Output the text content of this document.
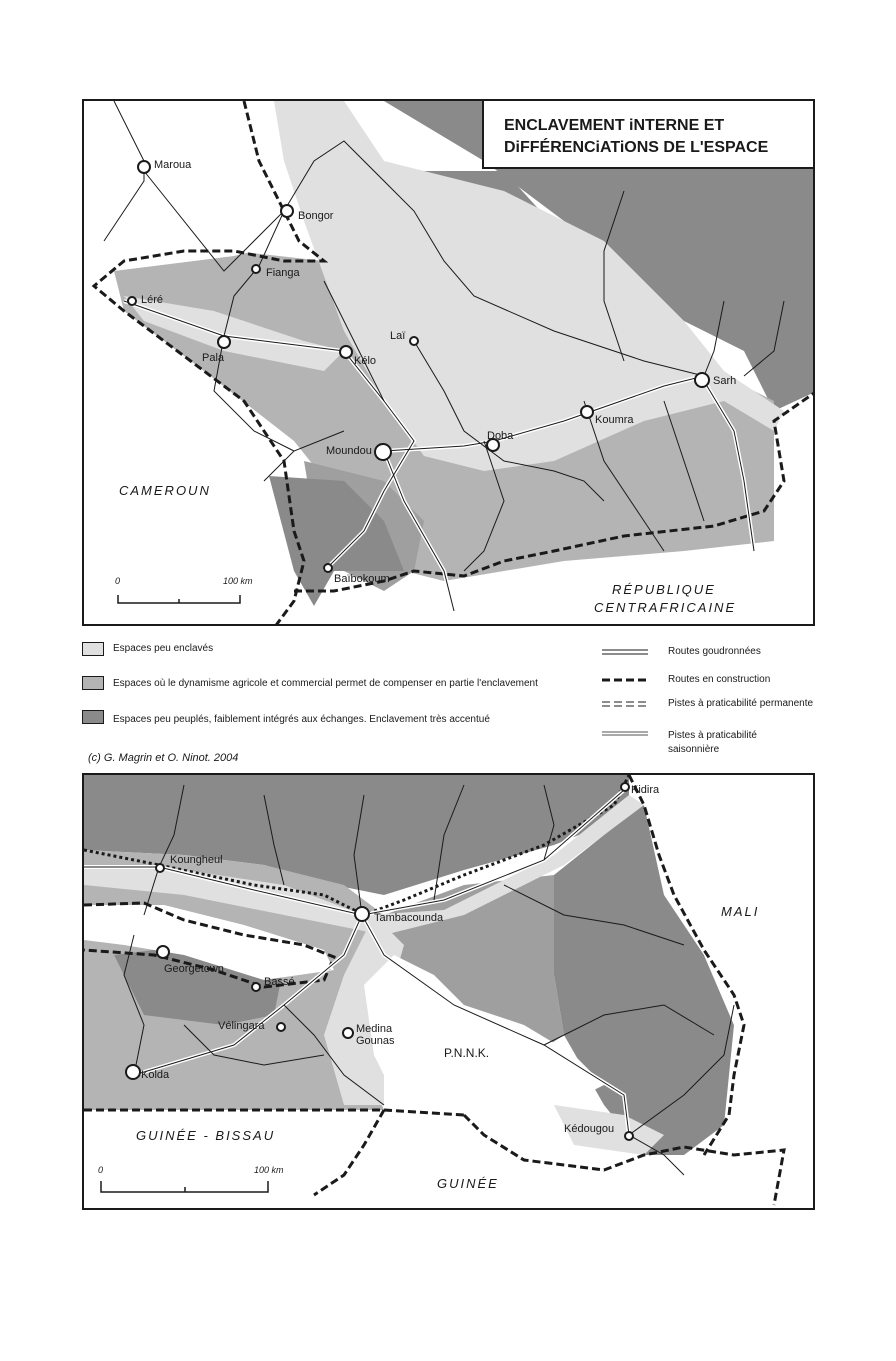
Maroua
Bongor
Fianga
Léré
Pala	Kélo
Laï
Moundou
Doba
Koumra
Sarh
Baïbokoum
CAMEROUN
RÉPUBLIQUE
CENTRAFRICAINE
0	100 km
ENCLAVEMENT iNTERNE ET
DiFFÉRENCiATiONS DE L'ESPACE
Espaces peu enclavés
Espaces où le dynamisme agricole et commercial permet de compenser en partie l'enclavement
Espaces peu peuplés, faiblement intégrés aux échanges. Enclavement très accentué
Routes goudronnées
Routes en construction
Pistes à praticabilité permanente
Pistes à praticabilité
saisonnière
(c) G. Magrin et O. Ninot. 2004
Kidira
Koungheul
Tambacounda
Georgetown
Bassé
Vélingara	Medina
Gounas
Kolda
Kédougou
P.N.N.K.
MALI
GUINÉE - BISSAU
GUINÉE
0	100 km
